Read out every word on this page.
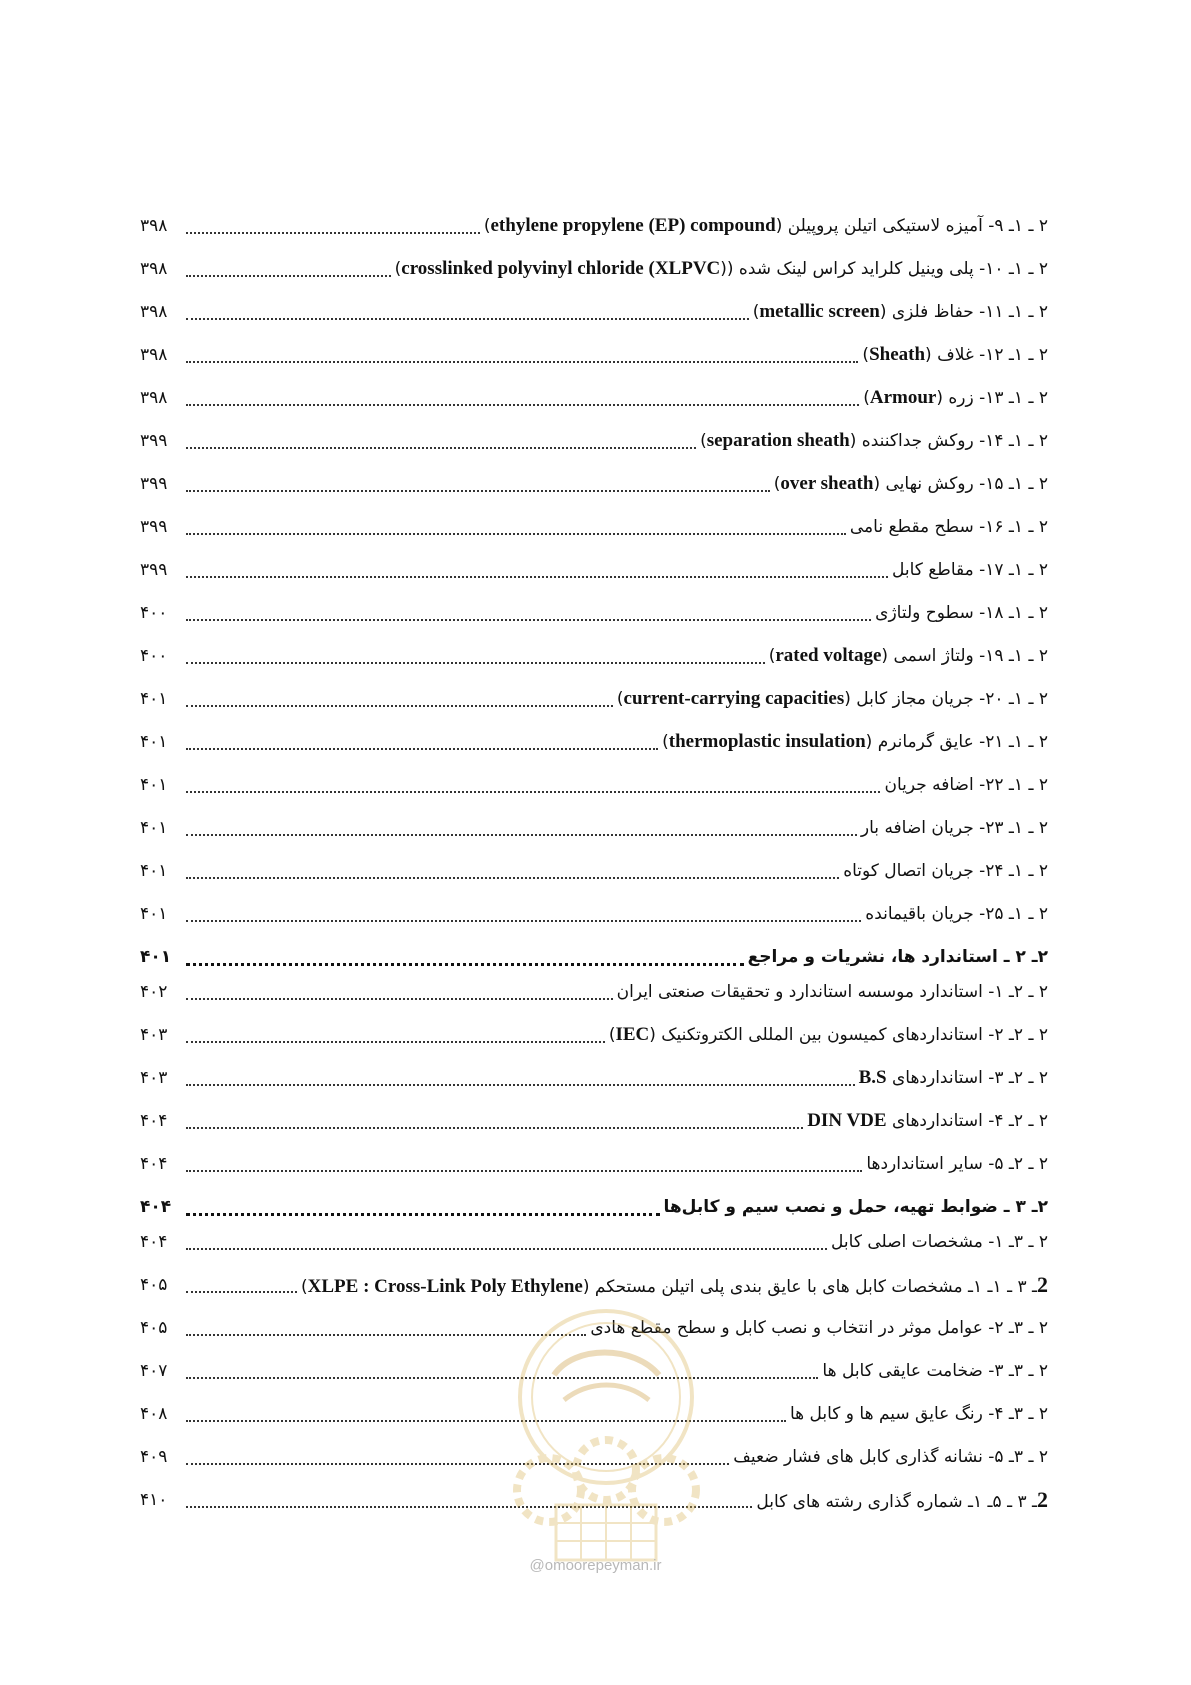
۲ ـ ۱ـ ۹- آمیزه لاستیکی اتیلن پروپیلن (ethylene propylene (EP) compound)
۳۹۸
۲ ـ ۱ـ ۱۰- پلی وینیل کلراید کراس لینک شده ((crosslinked polyvinyl chloride (XLPVC)
۳۹۸
۲ ـ ۱ـ ۱۱- حفاظ فلزی (metallic screen)
۳۹۸
۲ ـ ۱ـ ۱۲- غلاف (Sheath)
۳۹۸
۲ ـ ۱ـ ۱۳- زره (Armour)
۳۹۸
۲ ـ ۱ـ ۱۴- روکش جداکننده (separation sheath)
۳۹۹
۲ ـ ۱ـ ۱۵- روکش نهایی (over sheath)
۳۹۹
۲ ـ ۱ـ ۱۶- سطح مقطع نامی
۳۹۹
۲ ـ ۱ـ ۱۷- مقاطع کابل
۳۹۹
۲ ـ ۱ـ ۱۸- سطوح ولتاژی
۴۰۰
۲ ـ ۱ـ ۱۹- ولتاژ اسمی (rated voltage)
۴۰۰
۲ ـ ۱ـ ۲۰- جریان مجاز کابل (current-carrying capacities)
۴۰۱
۲ ـ ۱ـ ۲۱- عایق گرمانرم (thermoplastic insulation)
۴۰۱
۲ ـ ۱ـ ۲۲- اضافه جریان
۴۰۱
۲ ـ ۱ـ ۲۳- جریان اضافه بار
۴۰۱
۲ ـ ۱ـ ۲۴- جریان اتصال کوتاه
۴۰۱
۲ ـ ۱ـ ۲۵- جریان باقیمانده
۴۰۱
۲ـ ۲ ـ استاندارد ها، نشریات و مراجع
۴۰۱
۲ ـ ۲ـ ۱- استاندارد موسسه استاندارد و تحقیقات صنعتی ایران
۴۰۲
۲ ـ ۲ـ ۲- استانداردهای کمیسون بین المللی الکتروتکنیک (IEC)
۴۰۳
۲ ـ ۲ـ ۳- استانداردهای B.S
۴۰۳
۲ ـ ۲ـ ۴- استانداردهای DIN VDE
۴۰۴
۲ ـ ۲ـ ۵- سایر استانداردها
۴۰۴
۲ـ ۳ ـ ضوابط تهیه، حمل و نصب سیم و کابل‌ها
۴۰۴
۲ ـ ۳ـ ۱- مشخصات اصلی کابل
۴۰۴
2ـ ۳ ـ ۱ـ ۱ـ مشخصات کابل های با عایق بندی پلی اتیلن مستحکم (XLPE : Cross-Link Poly Ethylene)
۴۰۵
۲ ـ ۳ـ ۲- عوامل موثر در انتخاب و نصب کابل و سطح مقطع هادی
۴۰۵
۲ ـ ۳ـ ۳- ضخامت عایقی کابل ها
۴۰۷
۲ ـ ۳ـ ۴- رنگ عایق سیم ها و کابل ها
۴۰۸
۲ ـ ۳ـ ۵- نشانه گذاری کابل های فشار ضعیف
۴۰۹
2ـ ۳ ـ ۵ـ ۱ـ شماره گذاری رشته های کابل
۴۱۰
@omoorepeyman.ir
